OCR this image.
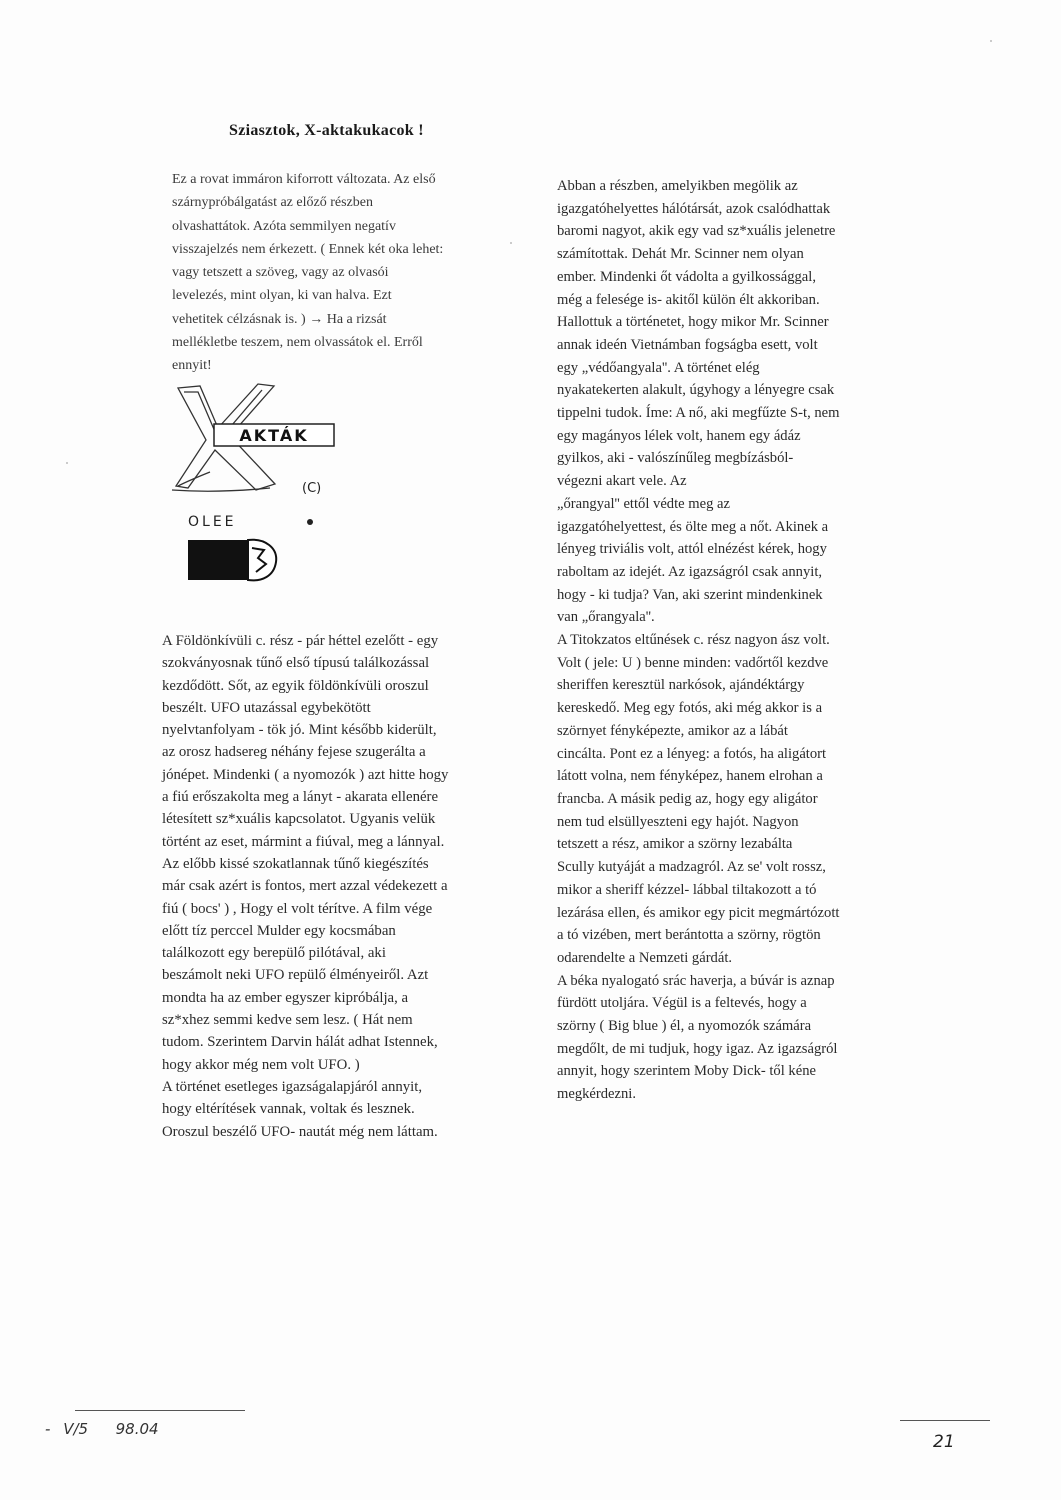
Sziasztok, X-aktakukacok !

Ez a rovat immáron kiforrott változata. Az első
szárnypróbálgatást az előző részben
olvashattátok. Azóta semmilyen negatív
visszajelzés nem érkezett. ( Ennek két oka lehet:
vagy tetszett a szöveg, vagy az olvasói
levelezés, mint olyan, ki van halva. Ezt
vehetitek célzásnak is. ) → Ha a rizsát
mellékletbe teszem, nem olvassátok el. Erről
ennyit!

AKTÁK
(C)
OLEE

A Földönkívüli c. rész - pár héttel ezelőtt - egy
szokványosnak tűnő első típusú találkozással
kezdődött. Sőt, az egyik földönkívüli oroszul
beszélt. UFO utazással egybekötött
nyelvtanfolyam - tök jó. Mint később kiderült,
az orosz hadsereg néhány fejese szugerálta a
jónépet. Mindenki ( a nyomozók ) azt hitte hogy
a fiú erőszakolta meg a lányt - akarata ellenére
létesített sz*xuális kapcsolatot. Ugyanis velük
történt az eset, mármint a fiúval, meg a lánnyal.
Az előbb kissé szokatlannak tűnő kiegészítés
már csak azért is fontos, mert azzal védekezett a
fiú ( bocs' ) , Hogy el volt térítve. A film vége
előtt tíz perccel Mulder egy kocsmában
találkozott egy berepülő pilótával, aki
beszámolt neki UFO repülő élményeiről. Azt
mondta ha az ember egyszer kipróbálja, a
sz*xhez semmi kedve sem lesz. ( Hát nem
tudom. Szerintem Darvin hálát adhat Istennek,
hogy akkor még nem volt UFO. )
A történet esetleges igazságalapjáról annyit,
hogy eltérítések vannak, voltak és lesznek.
Oroszul beszélő UFO- nautát még nem láttam.

Abban a részben, amelyikben megölik az
igazgatóhelyettes hálótársát, azok csalódhattak
baromi nagyot, akik egy vad sz*xuális jelenetre
számítottak. Dehát Mr. Scinner nem olyan
ember. Mindenki őt vádolta a gyilkossággal,
még a felesége is- akitől külön élt akkoriban.
Hallottuk a történetet, hogy mikor Mr. Scinner
annak ideén Vietnámban fogságba esett, volt
egy „védőangyala''. A történet elég
nyakatekerten alakult, úgyhogy a lényegre csak
tippelni tudok. Íme: A nő, aki megfűzte S-t, nem
egy magányos lélek volt, hanem egy ádáz
gyilkos, aki - valószínűleg megbízásból-
végezni akart vele. Az
„őrangyal'' ettől védte meg az
igazgatóhelyettest, és ölte meg a nőt. Akinek a
lényeg triviális volt, attól elnézést kérek, hogy
raboltam az idejét. Az igazságról csak annyit,
hogy - ki tudja? Van, aki szerint mindenkinek
van „őrangyala''.
A Titokzatos eltűnések c. rész nagyon ász volt.
Volt ( jele: U ) benne minden: vadőrtől kezdve
sheriffen keresztül narkósok, ajándéktárgy
kereskedő. Meg egy fotós, aki még akkor is a
szörnyet fényképezte, amikor az a lábát
cincálta. Pont ez a lényeg: a fotós, ha aligátort
látott volna, nem fényképez, hanem elrohan a
francba. A másik pedig az, hogy egy aligátor
nem tud elsüllyeszteni egy hajót. Nagyon
tetszett a rész, amikor a szörny lezabálta
Scully kutyáját a madzagról. Az se' volt rossz,
mikor a sheriff kézzel- lábbal tiltakozott a tó
lezárása ellen, és amikor egy picit megmártózott
a tó vizében, mert berántotta a szörny, rögtön
odarendelte a Nemzeti gárdát.
A béka nyalogató srác haverja, a búvár is aznap
fürdött utoljára. Végül is a feltevés, hogy a
szörny ( Big blue ) él, a nyomozók számára
megdőlt, de mi tudjuk, hogy igaz. Az igazságról
annyit, hogy szerintem Moby Dick- től kéne
megkérdezni.

- V/5 98.04
21
